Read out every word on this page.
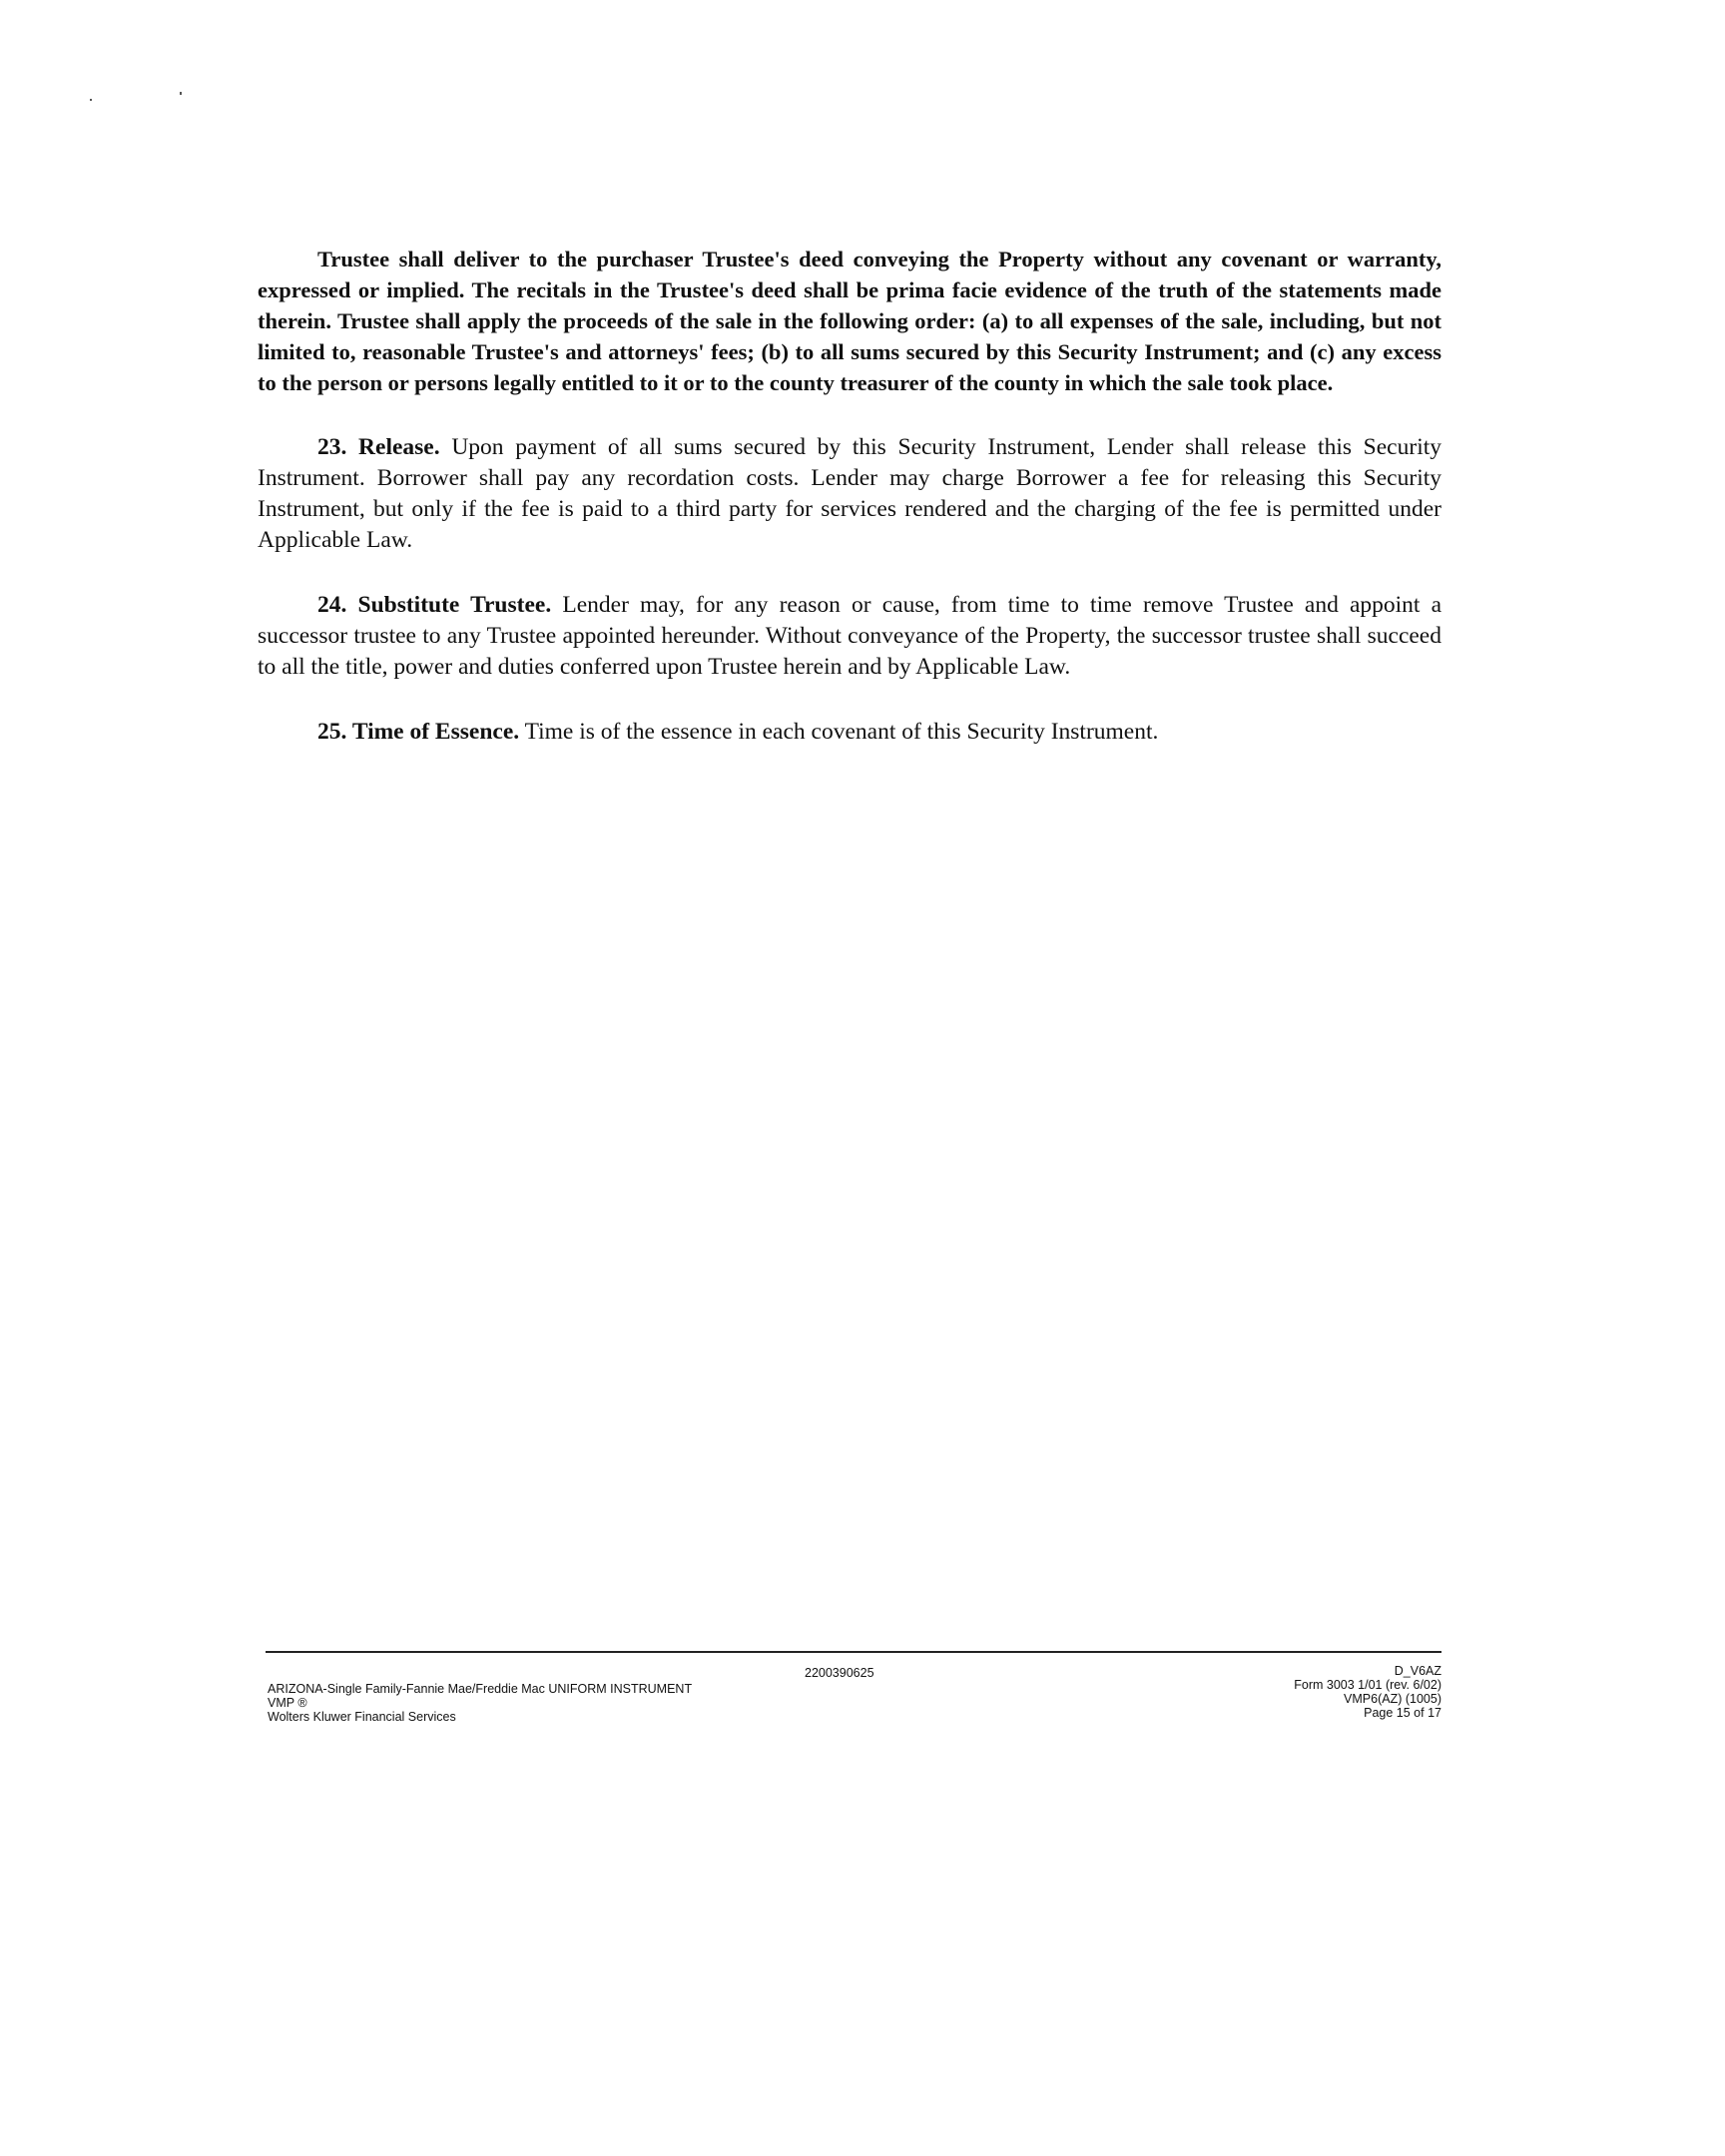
Trustee shall deliver to the purchaser Trustee's deed conveying the Property without any covenant or warranty, expressed or implied. The recitals in the Trustee's deed shall be prima facie evidence of the truth of the statements made therein. Trustee shall apply the proceeds of the sale in the following order: (a) to all expenses of the sale, including, but not limited to, reasonable Trustee's and attorneys' fees; (b) to all sums secured by this Security Instrument; and (c) any excess to the person or persons legally entitled to it or to the county treasurer of the county in which the sale took place.

23. Release. Upon payment of all sums secured by this Security Instrument, Lender shall release this Security Instrument. Borrower shall pay any recordation costs. Lender may charge Borrower a fee for releasing this Security Instrument, but only if the fee is paid to a third party for services rendered and the charging of the fee is permitted under Applicable Law.

24. Substitute Trustee. Lender may, for any reason or cause, from time to time remove Trustee and appoint a successor trustee to any Trustee appointed hereunder. Without conveyance of the Property, the successor trustee shall succeed to all the title, power and duties conferred upon Trustee herein and by Applicable Law.

25. Time of Essence. Time is of the essence in each covenant of this Security Instrument.

2200390625
ARIZONA-Single Family-Fannie Mae/Freddie Mac UNIFORM INSTRUMENT
VMP ®
Wolters Kluwer Financial Services
D_V6AZ
Form 3003 1/01 (rev. 6/02)
VMP6(AZ) (1005)
Page 15 of 17
